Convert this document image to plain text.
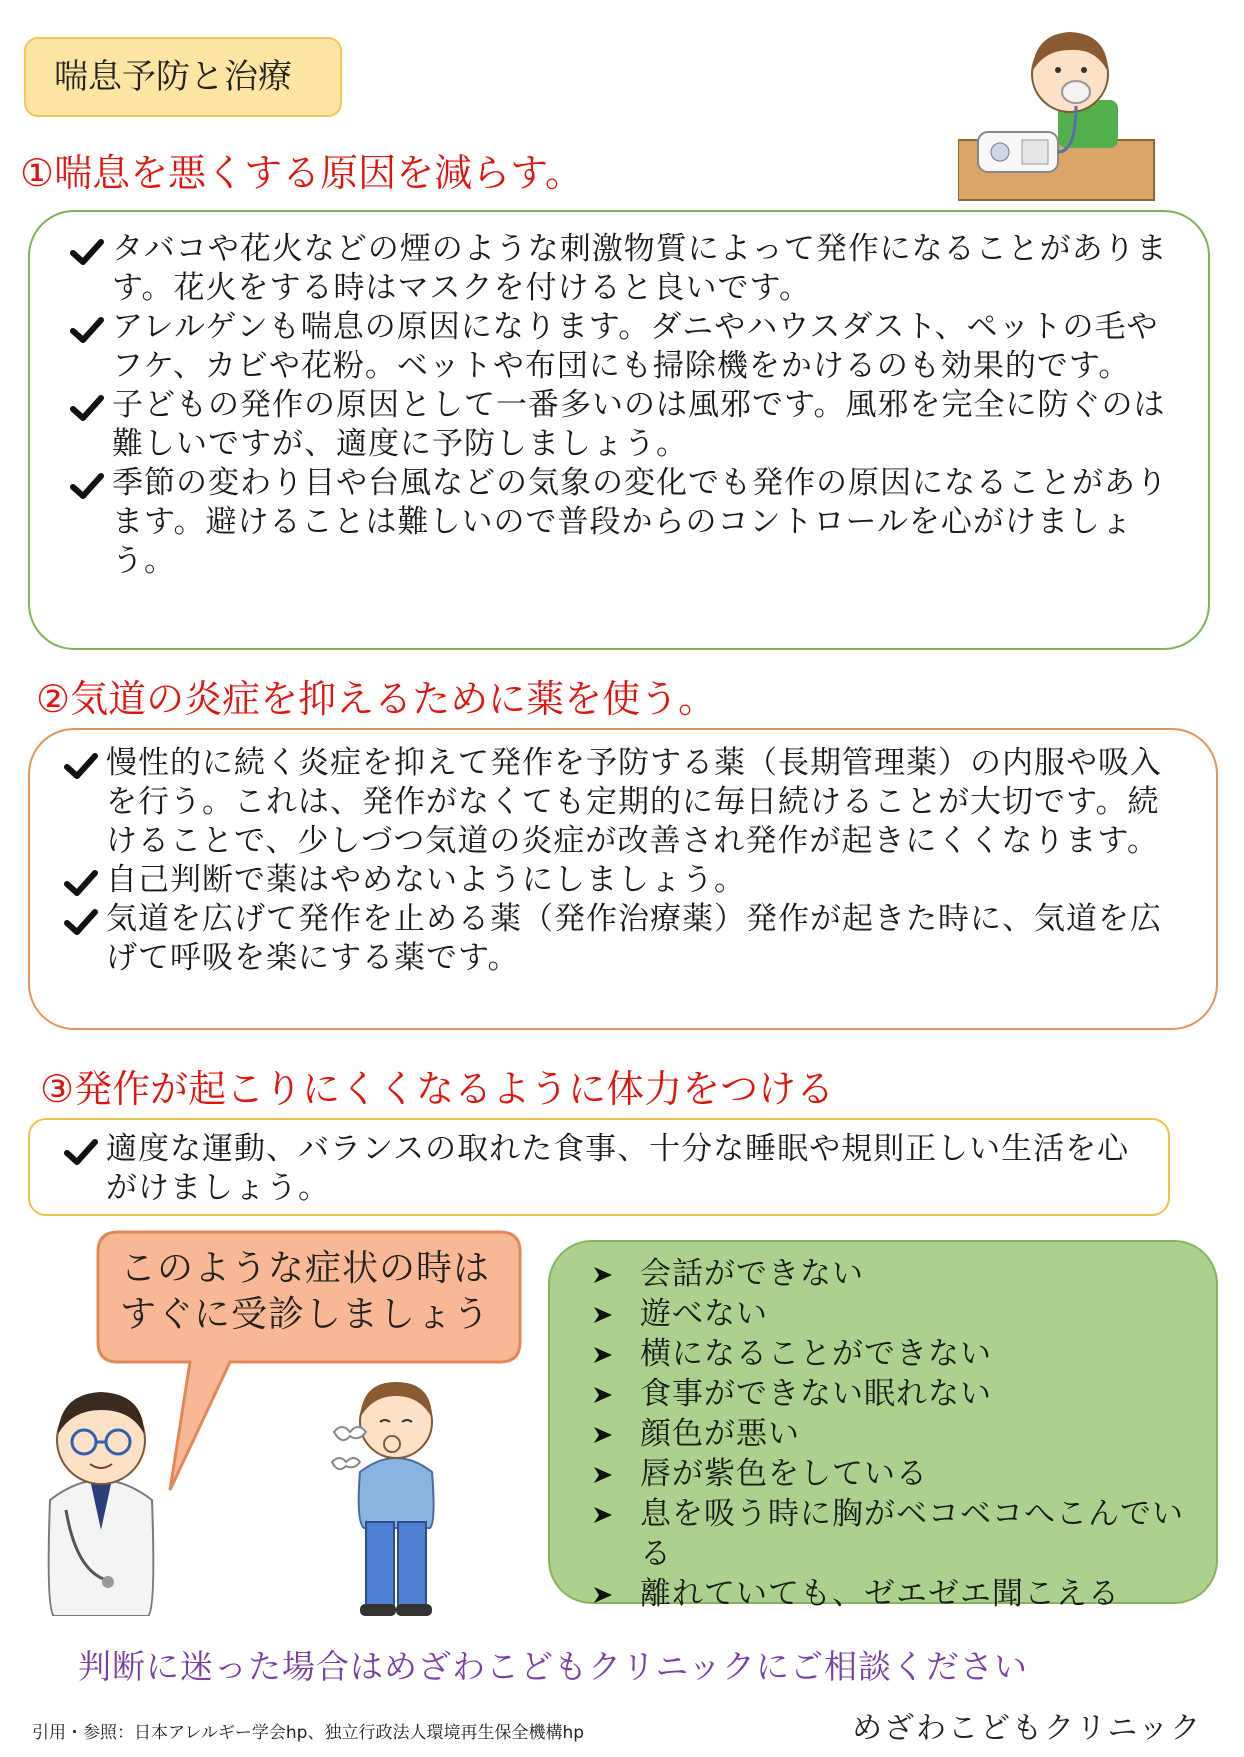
喘息予防と治療
①喘息を悪くする原因を減らす。
タバコや花火などの煙のような刺激物質によって発作になることがあります。花火をする時はマスクを付けると良いです。
アレルゲンも喘息の原因になります。ダニやハウスダスト、ペットの毛やフケ、カビや花粉。ベットや布団にも掃除機をかけるのも効果的です。
子どもの発作の原因として一番多いのは風邪です。風邪を完全に防ぐのは難しいですが、適度に予防しましょう。
季節の変わり目や台風などの気象の変化でも発作の原因になることがあります。避けることは難しいので普段からのコントロールを心がけましょう。
②気道の炎症を抑えるために薬を使う。
慢性的に続く炎症を抑えて発作を予防する薬（長期管理薬）の内服や吸入を行う。これは、発作がなくても定期的に毎日続けることが大切です。続けることで、少しづつ気道の炎症が改善され発作が起きにくくなります。
自己判断で薬はやめないようにしましょう。
気道を広げて発作を止める薬（発作治療薬）発作が起きた時に、気道を広げて呼吸を楽にする薬です。
③発作が起こりにくくなるように体力をつける
適度な運動、バランスの取れた食事、十分な睡眠や規則正しい生活を心がけましょう。
このような症状の時は
すぐに受診しましょう
会話ができない
遊べない
横になることができない
食事ができない眠れない
顔色が悪い
唇が紫色をしている
息を吸う時に胸がベコベコへこんでいる
離れていても、ゼエゼエ聞こえる
判断に迷った場合はめざわこどもクリニックにご相談ください
引用・参照：日本アレルギー学会hp、独立行政法人環境再生保全機構hp	めざわこどもクリニック
